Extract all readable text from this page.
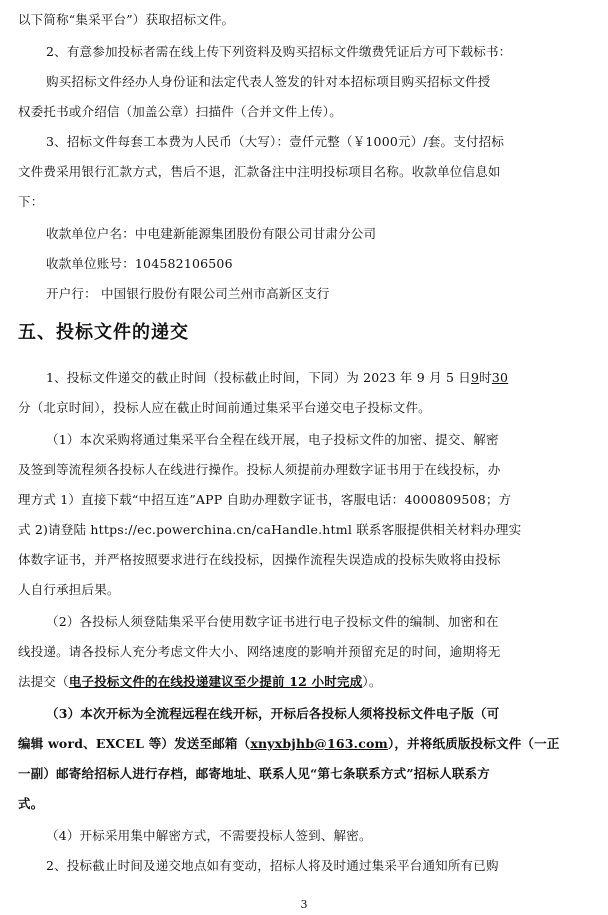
以下简称“集采平台”）获取招标文件。
2、有意参加投标者需在线上传下列资料及购买招标文件缴费凭证后方可下载标书：
购买招标文件经办人身份证和法定代表人签发的针对本招标项目购买招标文件授
权委托书或介绍信（加盖公章）扫描件（合并文件上传）。
3、招标文件每套工本费为人民币（大写）：壹仟元整（￥1000元）/套。支付招标
文件费采用银行汇款方式，售后不退，汇款备注中注明投标项目名称。收款单位信息如
下：
收款单位户名：中电建新能源集团股份有限公司甘肃分公司
收款单位账号：104582106506
开户行： 中国银行股份有限公司兰州市高新区支行
五、投标文件的递交
1、投标文件递交的截止时间（投标截止时间，下同）为 2023 年 9 月 5 日9时30
分（北京时间），投标人应在截止时间前通过集采平台递交电子投标文件。
（1）本次采购将通过集采平台全程在线开展，电子投标文件的加密、提交、解密
及签到等流程须各投标人在线进行操作。投标人须提前办理数字证书用于在线投标，办
理方式 1）直接下载“中招互连”APP 自助办理数字证书，客服电话：4000809508；方
式 2)请登陆 https://ec.powerchina.cn/caHandle.html 联系客服提供相关材料办理实
体数字证书，并严格按照要求进行在线投标，因操作流程失误造成的投标失败将由投标
人自行承担后果。
（2）各投标人须登陆集采平台使用数字证书进行电子投标文件的编制、加密和在
线投递。请各投标人充分考虑文件大小、网络速度的影响并预留充足的时间，逾期将无
法提交（电子投标文件的在线投递建议至少提前 12 小时完成）。
（3）本次开标为全流程远程在线开标，开标后各投标人须将投标文件电子版（可
编辑 word、EXCEL 等）发送至邮箱（xnyxbjhb@163.com），并将纸质版投标文件（一正
一副）邮寄给招标人进行存档，邮寄地址、联系人见“第七条联系方式”招标人联系方
式。
（4）开标采用集中解密方式，不需要投标人签到、解密。
2、投标截止时间及递交地点如有变动，招标人将及时通过集采平台通知所有已购
3
